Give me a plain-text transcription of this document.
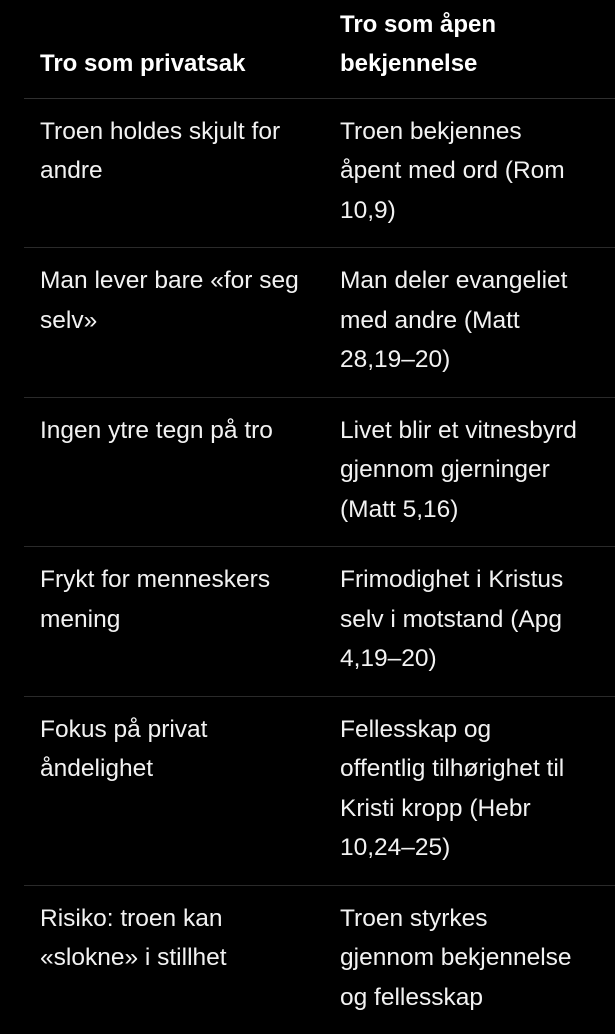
Tro som privatsak	Tro som åpen bekjennelse
Troen holdes skjult for andre	Troen bekjennes
åpent med ord (Rom
10,9)

Man lever bare «for seg selv»	Man deler evangeliet
med andre (Matt
28,19–20)

Ingen ytre tegn på tro	Livet blir et vitnesbyrd
gjennom gjerninger
(Matt 5,16)

Frykt for menneskers mening	Frimodighet i Kristus
selv i motstand (Apg
4,19–20)

Fokus på privat åndelighet	Fellesskap og
offentlig tilhørighet til
Kristi kropp (Hebr
10,24–25)

Risiko: troen kan «slokne» i stillhet	Troen styrkes
gjennom bekjennelse
og fellesskap
